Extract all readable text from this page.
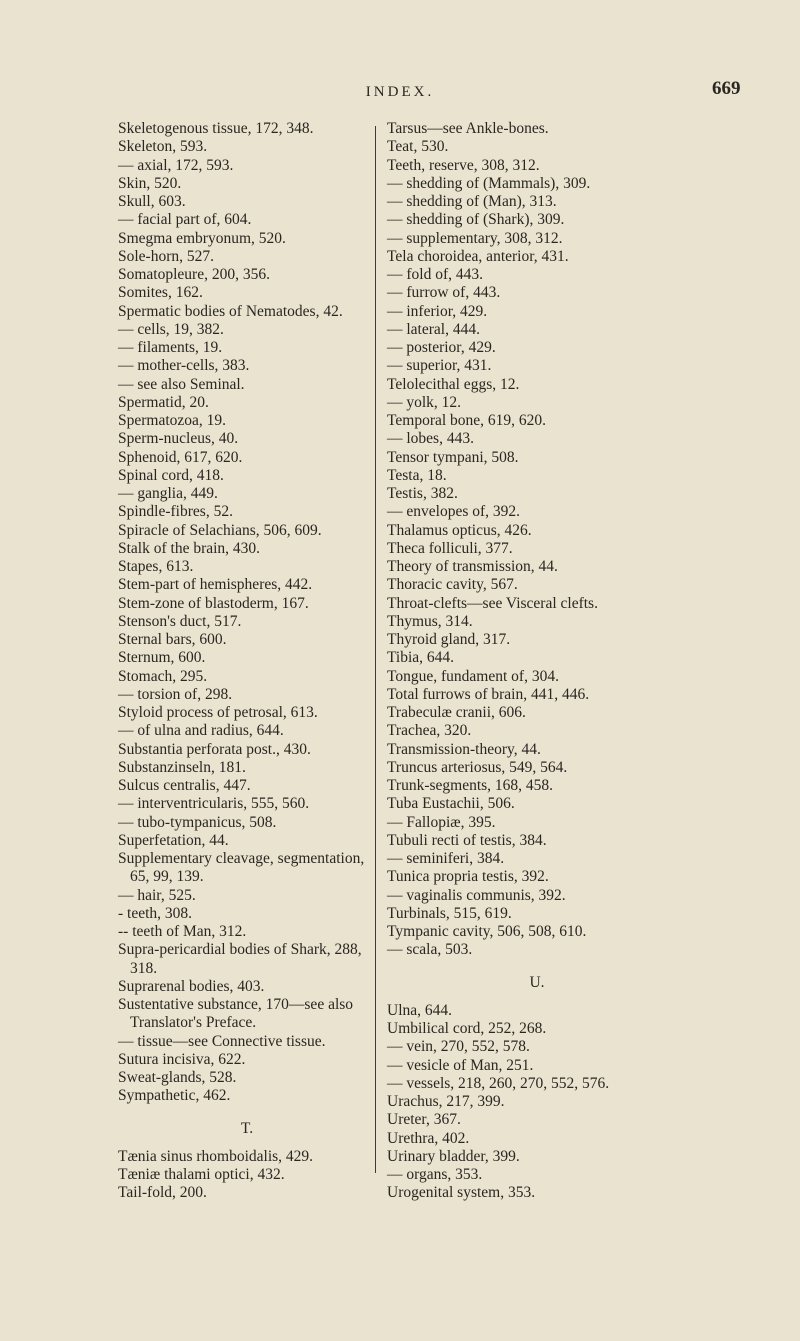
INDEX.	669
Skeletogenous tissue, 172, 348.
Skeleton, 593.
— axial, 172, 593.
Skin, 520.
Skull, 603.
— facial part of, 604.
Smegma embryonum, 520.
Sole-horn, 527.
Somatopleure, 200, 356.
Somites, 162.
Spermatic bodies of Nematodes, 42.
— cells, 19, 382.
— filaments, 19.
— mother-cells, 383.
— see also Seminal.
Spermatid, 20.
Spermatozoa, 19.
Sperm-nucleus, 40.
Sphenoid, 617, 620.
Spinal cord, 418.
— ganglia, 449.
Spindle-fibres, 52.
Spiracle of Selachians, 506, 609.
Stalk of the brain, 430.
Stapes, 613.
Stem-part of hemispheres, 442.
Stem-zone of blastoderm, 167.
Stenson's duct, 517.
Sternal bars, 600.
Sternum, 600.
Stomach, 295.
— torsion of, 298.
Styloid process of petrosal, 613.
— of ulna and radius, 644.
Substantia perforata post., 430.
Substanzinseln, 181.
Sulcus centralis, 447.
— interventricularis, 555, 560.
— tubo-tympanicus, 508.
Superfetation, 44.
Supplementary cleavage, segmentation, 65, 99, 139.
— hair, 525.
- teeth, 308.
-- teeth of Man, 312.
Supra-pericardial bodies of Shark, 288, 318.
Suprarenal bodies, 403.
Sustentative substance, 170—see also Translator's Preface.
— tissue—see Connective tissue.
Sutura incisiva, 622.
Sweat-glands, 528.
Sympathetic, 462.
T.
Tænia sinus rhomboidalis, 429.
Tæniæ thalami optici, 432.
Tail-fold, 200.
Tarsus—see Ankle-bones.
Teat, 530.
Teeth, reserve, 308, 312.
— shedding of (Mammals), 309.
— shedding of (Man), 313.
— shedding of (Shark), 309.
— supplementary, 308, 312.
Tela choroidea, anterior, 431.
— fold of, 443.
— furrow of, 443.
— inferior, 429.
— lateral, 444.
— posterior, 429.
— superior, 431.
Telolecithal eggs, 12.
— yolk, 12.
Temporal bone, 619, 620.
— lobes, 443.
Tensor tympani, 508.
Testa, 18.
Testis, 382.
— envelopes of, 392.
Thalamus opticus, 426.
Theca folliculi, 377.
Theory of transmission, 44.
Thoracic cavity, 567.
Throat-clefts—see Visceral clefts.
Thymus, 314.
Thyroid gland, 317.
Tibia, 644.
Tongue, fundament of, 304.
Total furrows of brain, 441, 446.
Trabeculæ cranii, 606.
Trachea, 320.
Transmission-theory, 44.
Truncus arteriosus, 549, 564.
Trunk-segments, 168, 458.
Tuba Eustachii, 506.
— Fallopiæ, 395.
Tubuli recti of testis, 384.
— seminiferi, 384.
Tunica propria testis, 392.
— vaginalis communis, 392.
Turbinals, 515, 619.
Tympanic cavity, 506, 508, 610.
— scala, 503.
U.
Ulna, 644.
Umbilical cord, 252, 268.
— vein, 270, 552, 578.
— vesicle of Man, 251.
— vessels, 218, 260, 270, 552, 576.
Urachus, 217, 399.
Ureter, 367.
Urethra, 402.
Urinary bladder, 399.
— organs, 353.
Urogenital system, 353.
